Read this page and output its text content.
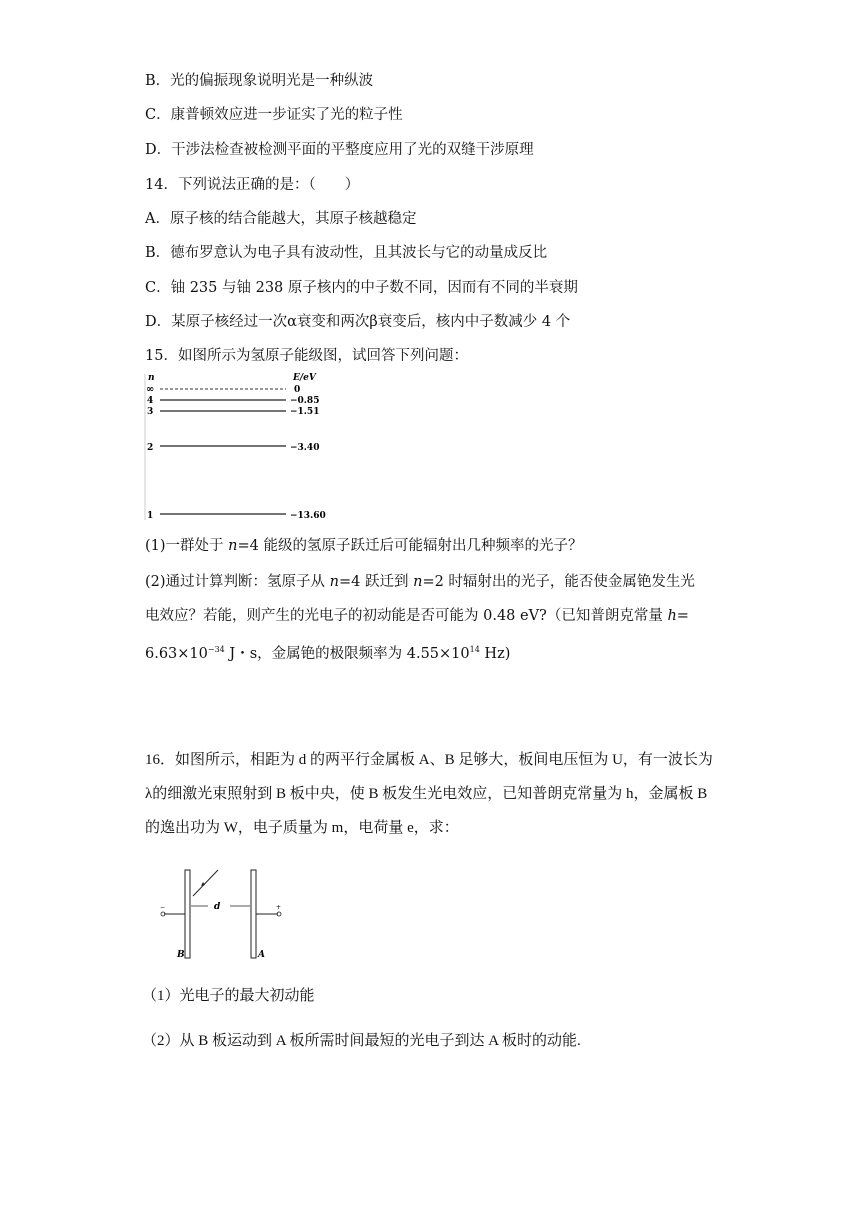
B．光的偏振现象说明光是一种纵波
C．康普顿效应进一步证实了光的粒子性
D．干涉法检查被检测平面的平整度应用了光的双缝干涉原理
14．下列说法正确的是：（　　）
A．原子核的结合能越大，其原子核越稳定
B．德布罗意认为电子具有波动性，且其波长与它的动量成反比
C．铀 235 与铀 238 原子核内的中子数不同，因而有不同的半衰期
D．某原子核经过一次α衰变和两次β衰变后，核内中子数减少 4 个
15．如图所示为氢原子能级图，试回答下列问题：
n	E/eV
∞	0
4	−0.85
3	−1.51
2	−3.40
1	−13.60
(1)一群处于 n=4 能级的氢原子跃迁后可能辐射出几种频率的光子？
(2)通过计算判断：氢原子从 n=4 跃迁到 n=2 时辐射出的光子，能否使金属铯发生光
电效应？若能，则产生的光电子的初动能是否可能为 0.48 eV?（已知普朗克常量 h=
$6.63\times 10^{-34}$ J・s，金属铯的极限频率为 $4.55\times 10^{14}$ Hz)
16．如图所示，相距为 d 的两平行金属板 A、B 足够大，板间电压恒为 U，有一波长为
λ的细激光束照射到 B 板中央，使 B 板发生光电效应，已知普朗克常量为 h，金属板 B
的逸出功为 W，电子质量为 m，电荷量 e，求：
−	+
d
B	A
（1）光电子的最大初动能
（2）从 B 板运动到 A 板所需时间最短的光电子到达 A 板时的动能.
